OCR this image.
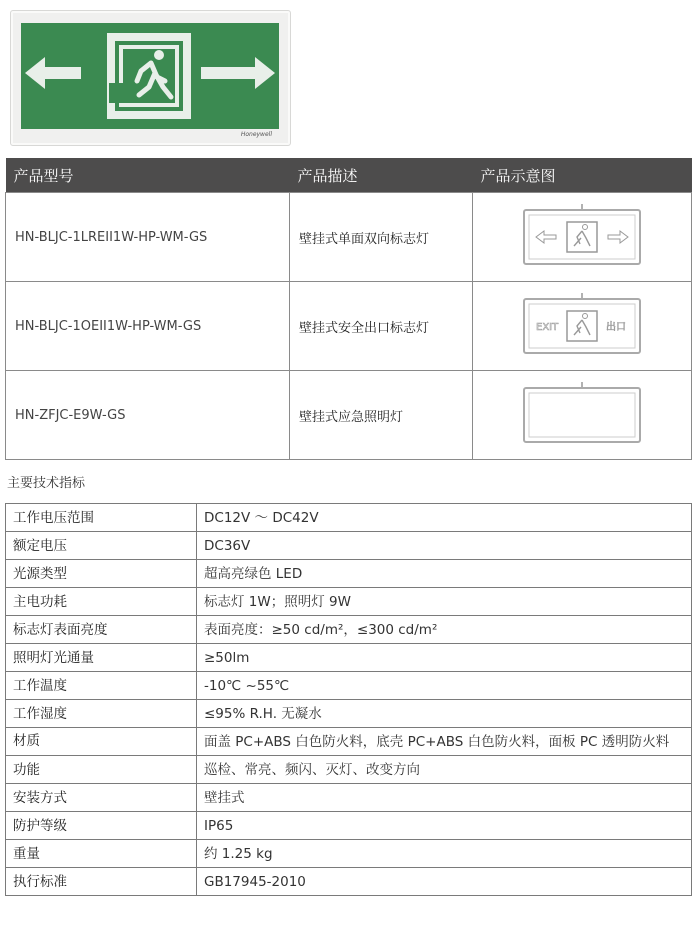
Honeywell
产品型号	产品描述	产品示意图
HN-BLJC-1LREII1W-HP-WM-GS	壁挂式单面双向标志灯	
HN-BLJC-1OEII1W-HP-WM-GS	壁挂式安全出口标志灯	EXIT 出口

HN-ZFJC-E9W-GS	壁挂式应急照明灯	
主要技术指标
工作电压范围	DC12V 〜 DC42V
额定电压	DC36V
光源类型	超高亮绿色 LED
主电功耗	标志灯 1W；照明灯 9W
标志灯表面亮度	表面亮度：≥50 cd/m²，≤300 cd/m²
照明灯光通量	≥50lm
工作温度	-10℃ ~55℃
工作湿度	≤95% R.H. 无凝水
材质	面盖 PC+ABS 白色防火料，底壳 PC+ABS 白色防火料，面板 PC 透明防火料
功能	巡检、常亮、频闪、灭灯、改变方向
安装方式	壁挂式
防护等级	IP65
重量	约 1.25 kg
执行标准	GB17945-2010
